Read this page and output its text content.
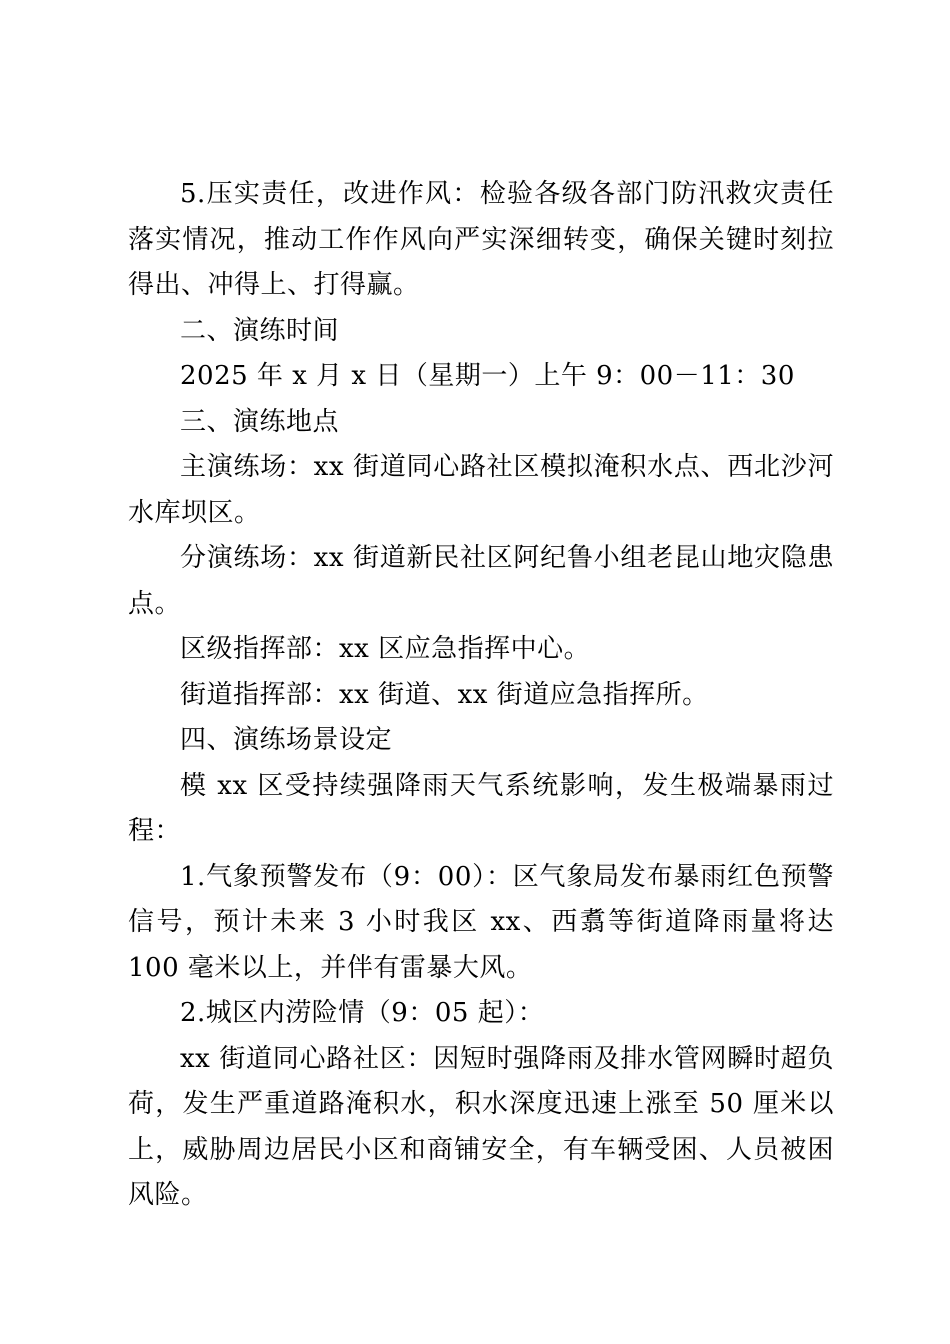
5.压实责任，改进作风：检验各级各部门防汛救灾责任落实情况，推动工作作风向严实深细转变，确保关键时刻拉得出、冲得上、打得赢。

二、演练时间

2025 年 x 月 x 日（星期一）上午 9：00－11：30

三、演练地点

主演练场：xx 街道同心路社区模拟淹积水点、西北沙河水库坝区。

分演练场：xx 街道新民社区阿纪鲁小组老昆山地灾隐患点。

区级指挥部：xx 区应急指挥中心。

街道指挥部：xx 街道、xx 街道应急指挥所。

四、演练场景设定

模 xx 区受持续强降雨天气系统影响，发生极端暴雨过程：

1.气象预警发布（9：00）：区气象局发布暴雨红色预警信号，预计未来 3 小时我区 xx、西翥等街道降雨量将达 100 毫米以上，并伴有雷暴大风。

2.城区内涝险情（9：05 起）：

xx 街道同心路社区：因短时强降雨及排水管网瞬时超负荷，发生严重道路淹积水，积水深度迅速上涨至 50 厘米以上，威胁周边居民小区和商铺安全，有车辆受困、人员被困风险。
